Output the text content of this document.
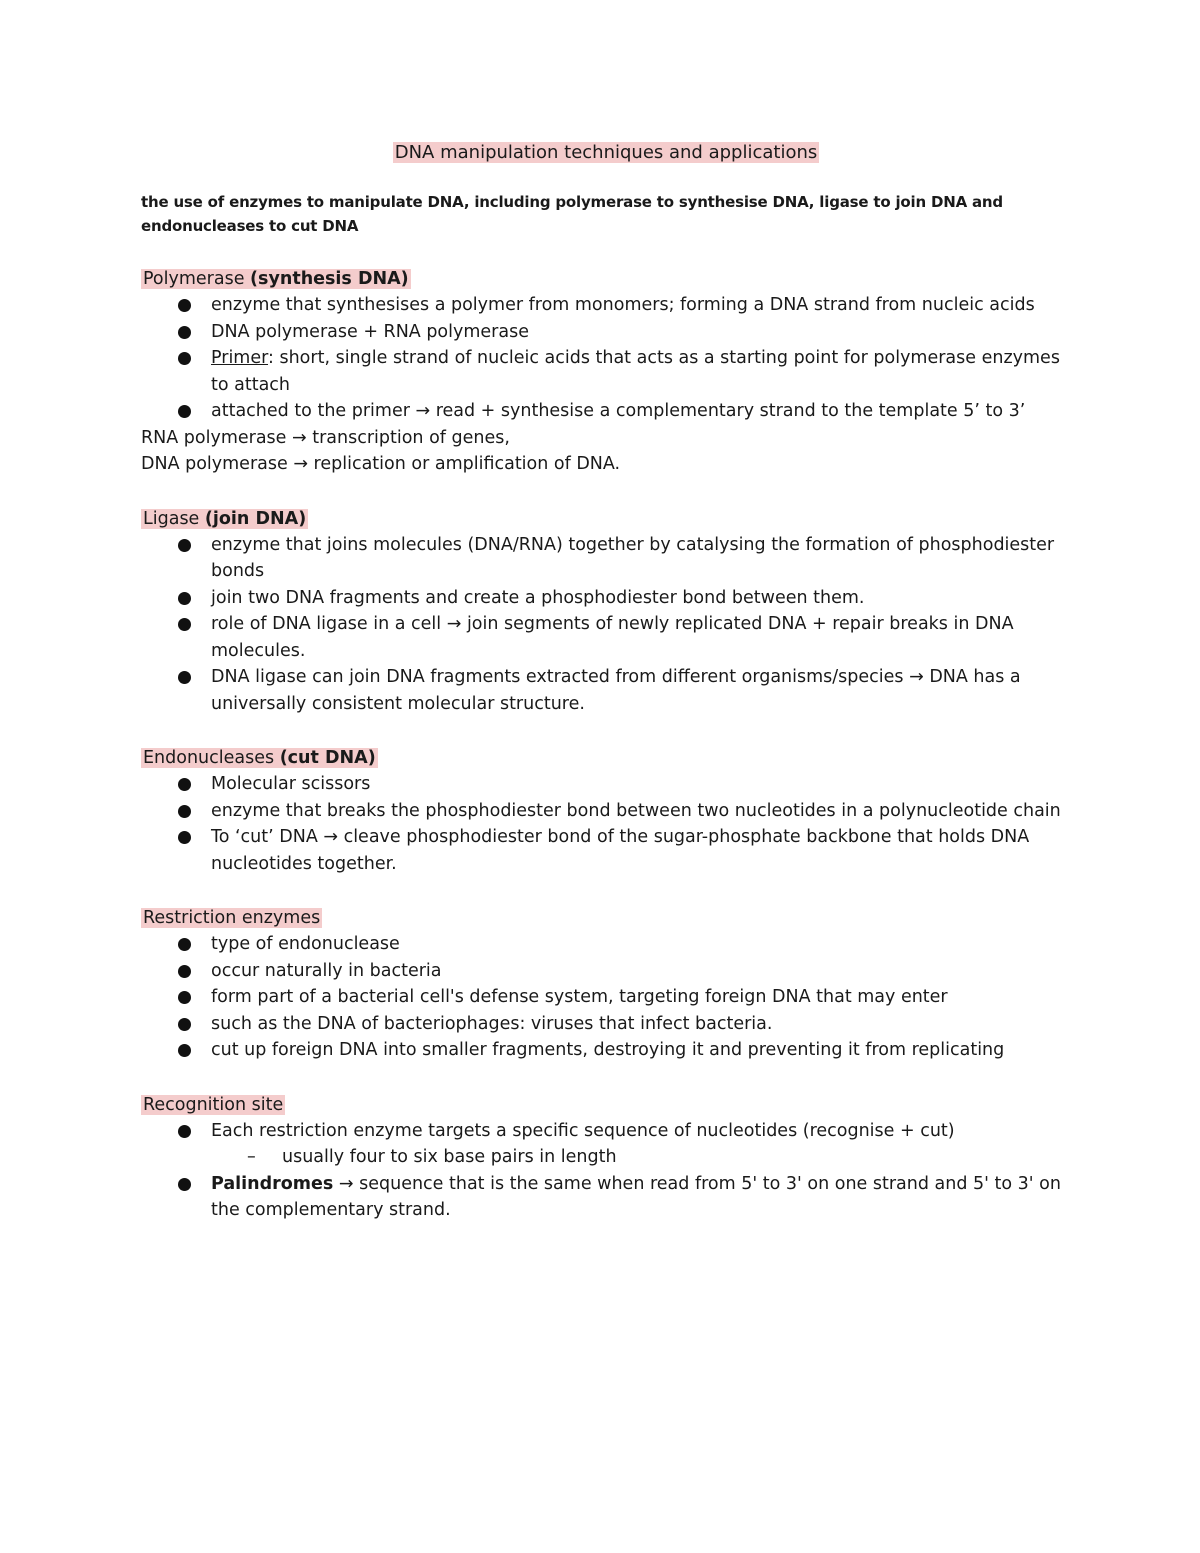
DNA manipulation techniques and applications

the use of enzymes to manipulate DNA, including polymerase to synthesise DNA, ligase to join DNA and endonucleases to cut DNA

Polymerase (synthesis DNA)

enzyme that synthesises a polymer from monomers; forming a DNA strand from nucleic acids
DNA polymerase + RNA polymerase
Primer: short, single strand of nucleic acids that acts as a starting point for polymerase enzymes to attach
attached to the primer → read + synthesise a complementary strand to the template 5’ to 3’

RNA polymerase → transcription of genes,

DNA polymerase → replication or amplification of DNA.

Ligase (join DNA)

enzyme that joins molecules (DNA/RNA) together by catalysing the formation of phosphodiester bonds
join two DNA fragments and create a phosphodiester bond between them.
role of DNA ligase in a cell → join segments of newly replicated DNA + repair breaks in DNA molecules.
DNA ligase can join DNA fragments extracted from different organisms/species → DNA has a universally consistent molecular structure.

Endonucleases (cut DNA)

Molecular scissors
enzyme that breaks the phosphodiester bond between two nucleotides in a polynucleotide chain
To ‘cut’ DNA → cleave phosphodiester bond of the sugar-phosphate backbone that holds DNA nucleotides together.

Restriction enzymes

type of endonuclease
occur naturally in bacteria
form part of a bacterial cell's defense system, targeting foreign DNA that may enter
such as the DNA of bacteriophages: viruses that infect bacteria.
cut up foreign DNA into smaller fragments, destroying it and preventing it from replicating

Recognition site

Each restriction enzyme targets a specific sequence of nucleotides (recognise + cut)
– usually four to six base pairs in length
Palindromes → sequence that is the same when read from 5' to 3' on one strand and 5' to 3' on the complementary strand.
